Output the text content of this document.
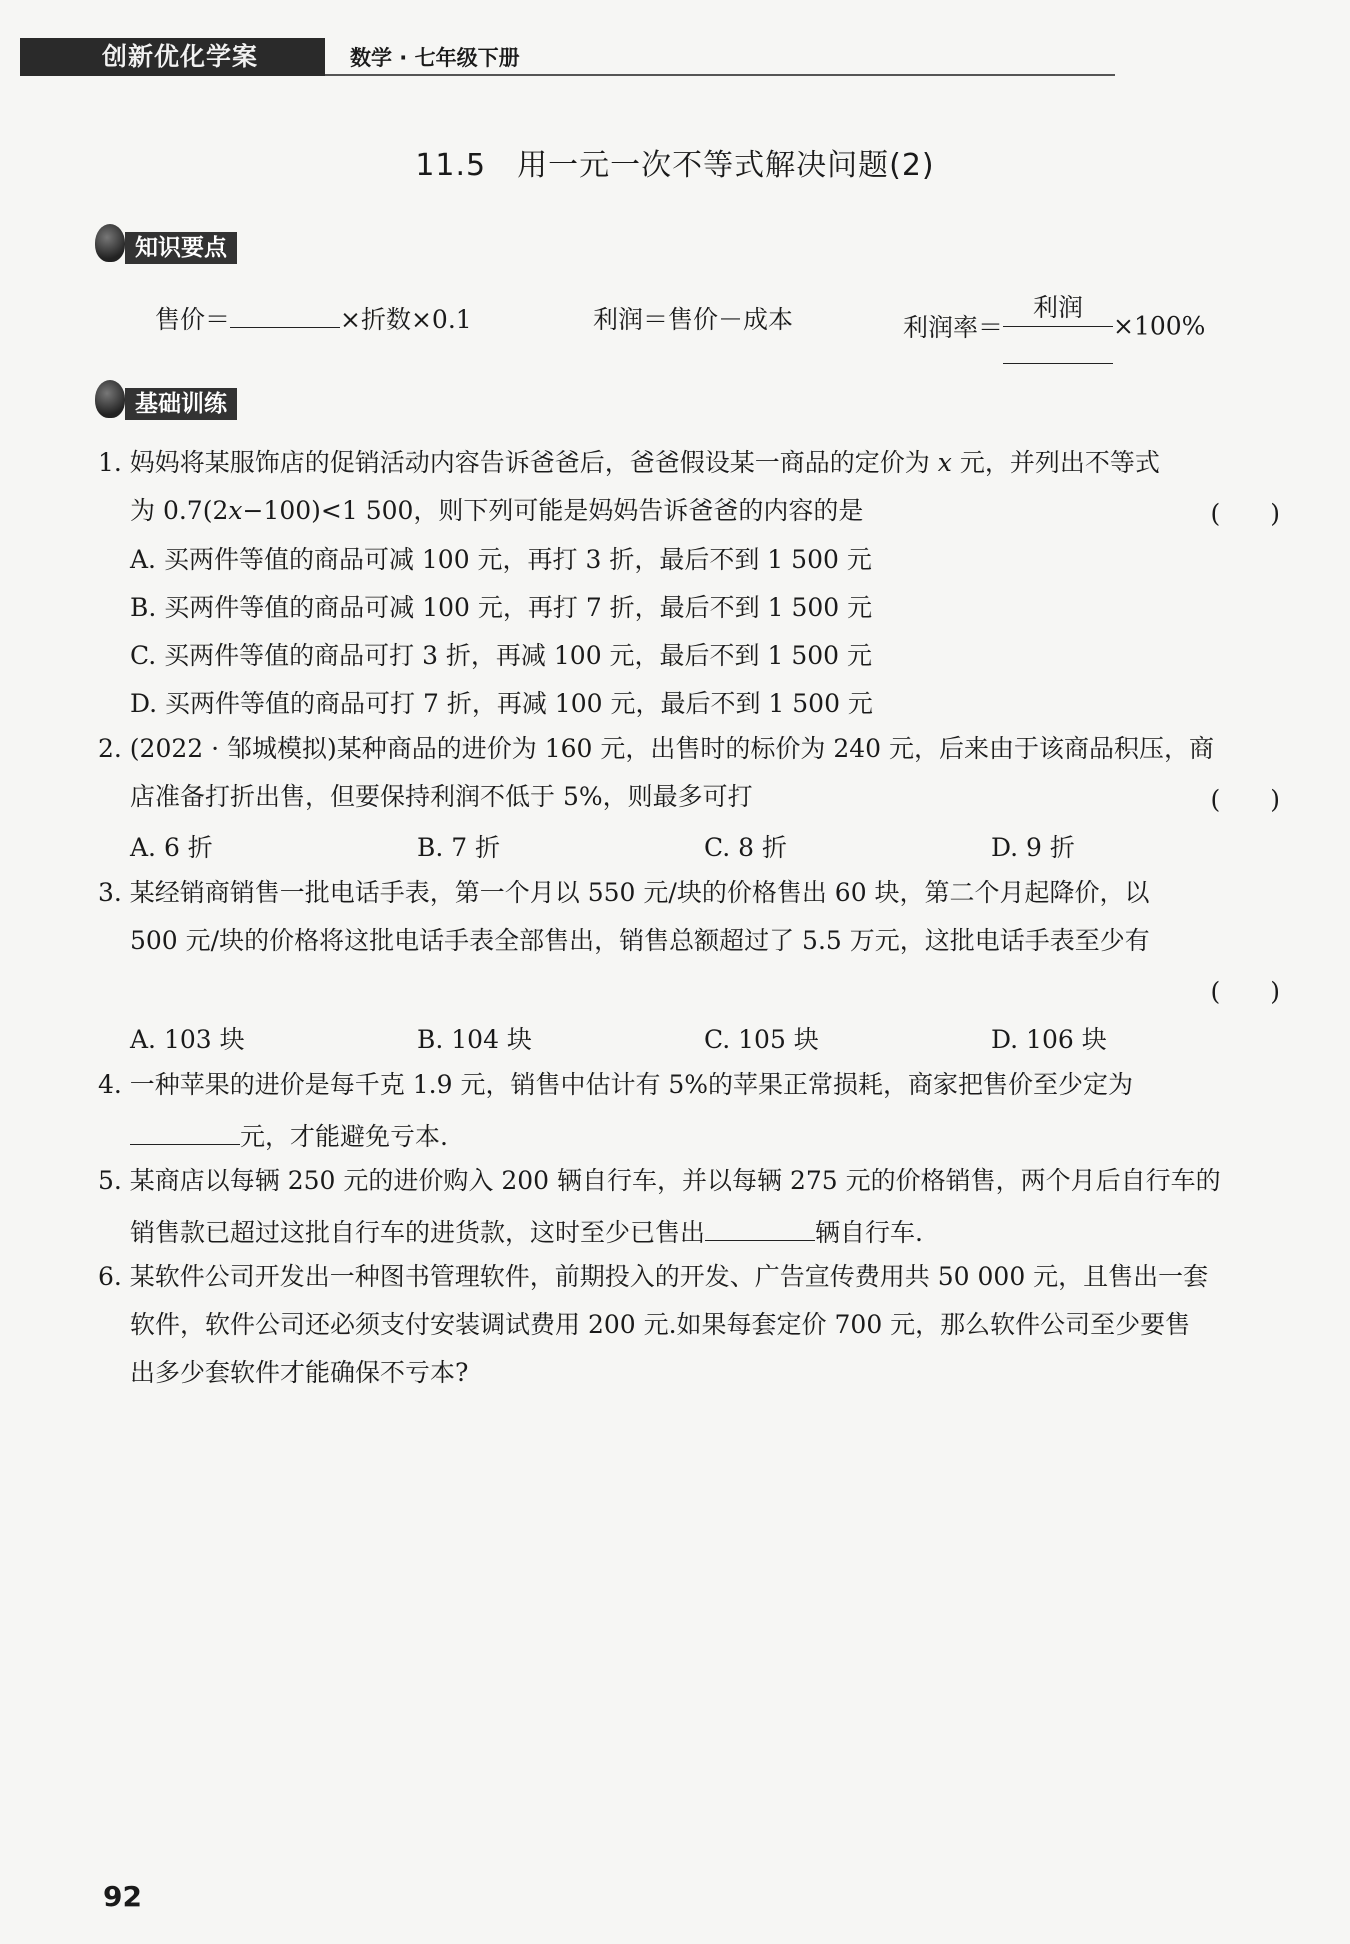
创新优化学案	数学 · 七年级下册
11.5　用一元一次不等式解决问题(2)
知识要点
售价＝	×折数×0.1	利润＝售价－成本	利润率＝
利润
×100%
基础训练
1. 妈妈将某服饰店的促销活动内容告诉爸爸后，爸爸假设某一商品的定价为 x 元，并列出不等式
为 0.7(2x−100)<1 500，则下列可能是妈妈告诉爸爸的内容的是	(　　)
A. 买两件等值的商品可减 100 元，再打 3 折，最后不到 1 500 元
B. 买两件等值的商品可减 100 元，再打 7 折，最后不到 1 500 元
C. 买两件等值的商品可打 3 折，再减 100 元，最后不到 1 500 元
D. 买两件等值的商品可打 7 折，再减 100 元，最后不到 1 500 元
2. (2022 · 邹城模拟)某种商品的进价为 160 元，出售时的标价为 240 元，后来由于该商品积压，商
店准备打折出售，但要保持利润不低于 5%，则最多可打	(　　)
A. 6 折	B. 7 折	C. 8 折	D. 9 折
3. 某经销商销售一批电话手表，第一个月以 550 元/块的价格售出 60 块，第二个月起降价，以
500 元/块的价格将这批电话手表全部售出，销售总额超过了 5.5 万元，这批电话手表至少有
(　　)
A. 103 块	B. 104 块	C. 105 块	D. 106 块
4. 一种苹果的进价是每千克 1.9 元，销售中估计有 5%的苹果正常损耗，商家把售价至少定为
元，才能避免亏本.
5. 某商店以每辆 250 元的进价购入 200 辆自行车，并以每辆 275 元的价格销售，两个月后自行车的
销售款已超过这批自行车的进货款，这时至少已售出	辆自行车.
6. 某软件公司开发出一种图书管理软件，前期投入的开发、广告宣传费用共 50 000 元，且售出一套
软件，软件公司还必须支付安装调试费用 200 元.如果每套定价 700 元，那么软件公司至少要售
出多少套软件才能确保不亏本?
92
